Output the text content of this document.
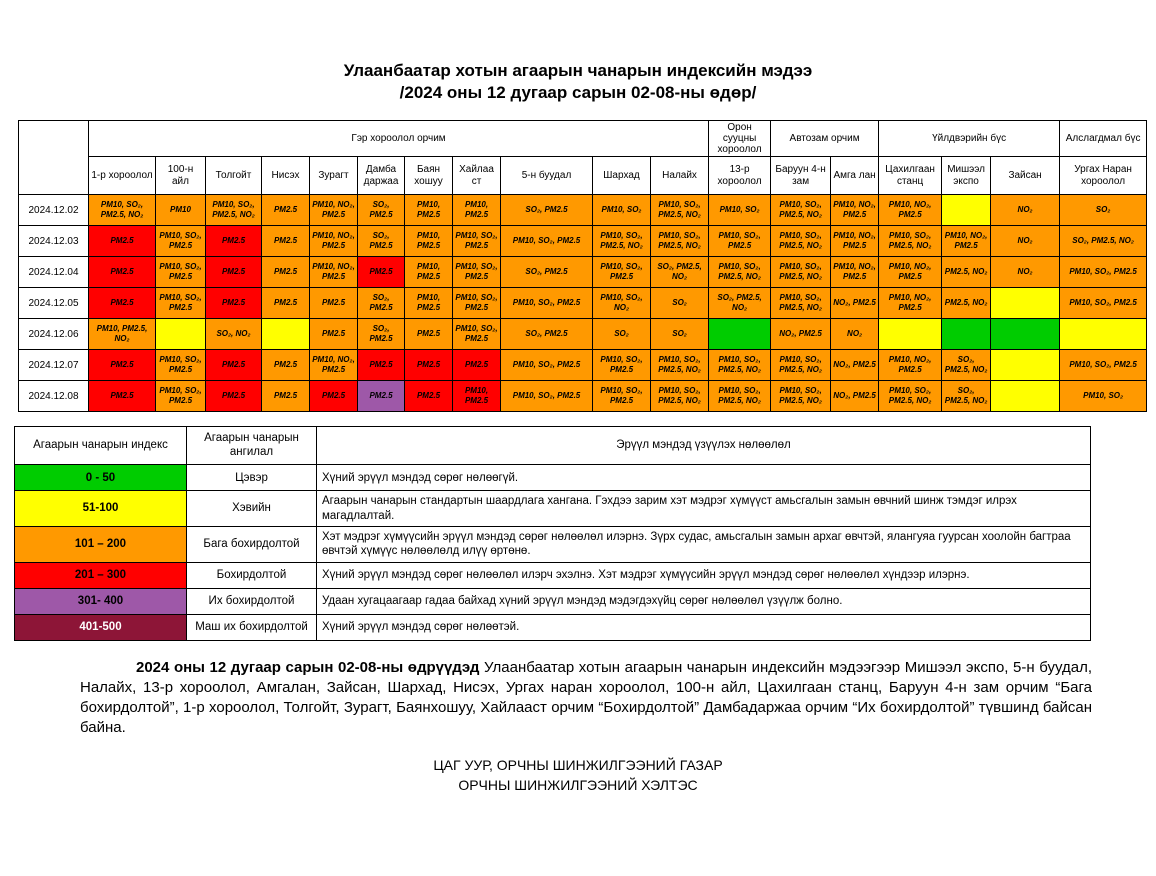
Улаанбаатар хотын агаарын чанарын индексийн мэдээ
/2024 оны 12 дугаар сарын 02-08-ны өдөр/
	Гэр хороолол орчим											Орон сууцны хороолол	Автозам орчим		Үйлдвэрийн бүс			Алслагдмал бүс
	1-р хороолол	100-н айл	Толгойт	Нисэх	Зурагт	Дамба даржаа	Баян хошуу	Хайлаа ст	5-н буудал	Шархад	Налайх	13-р хороолол	Баруун 4-н зам	Амга лан	Цахилгаан станц	Мишээл экспо	Зайсан	Ургах Наран хороолол
2024.12.02	PM10, SO₂, PM2.5, NO₂	PM10	PM10, SO₂, PM2.5, NO₂	PM2.5	PM10, NO₂, PM2.5	SO₂, PM2.5	PM10, PM2.5	PM10, PM2.5	SO₂, PM2.5	PM10, SO₂	PM10, SO₂, PM2.5, NO₂	PM10, SO₂	PM10, SO₂, PM2.5, NO₂	PM10, NO₂, PM2.5	PM10, NO₂, PM2.5		NO₂	SO₂
2024.12.03	PM2.5	PM10, SO₂, PM2.5	PM2.5	PM2.5	PM10, NO₂, PM2.5	SO₂, PM2.5	PM10, PM2.5	PM10, SO₂, PM2.5	PM10, SO₂, PM2.5	PM10, SO₂, PM2.5, NO₂	PM10, SO₂, PM2.5, NO₂	PM10, SO₂, PM2.5	PM10, SO₂, PM2.5, NO₂	PM10, NO₂, PM2.5	PM10, SO₂, PM2.5, NO₂	PM10, NO₂, PM2.5	NO₂	SO₂, PM2.5, NO₂
2024.12.04	PM2.5	PM10, SO₂, PM2.5	PM2.5	PM2.5	PM10, NO₂, PM2.5	PM2.5	PM10, PM2.5	PM10, SO₂, PM2.5	SO₂, PM2.5	PM10, SO₂, PM2.5	SO₂, PM2.5, NO₂	PM10, SO₂, PM2.5, NO₂	PM10, SO₂, PM2.5, NO₂	PM10, NO₂, PM2.5	PM10, NO₂, PM2.5	PM2.5, NO₂	NO₂	PM10, SO₂, PM2.5
2024.12.05	PM2.5	PM10, SO₂, PM2.5	PM2.5	PM2.5	PM2.5	SO₂, PM2.5	PM10, PM2.5	PM10, SO₂, PM2.5	PM10, SO₂, PM2.5	PM10, SO₂, NO₂	SO₂	SO₂, PM2.5, NO₂	PM10, SO₂, PM2.5, NO₂	NO₂, PM2.5	PM10, NO₂, PM2.5	PM2.5, NO₂		PM10, SO₂, PM2.5
2024.12.06	PM10, PM2.5, NO₂		SO₂, NO₂		PM2.5	SO₂, PM2.5	PM2.5	PM10, SO₂, PM2.5	SO₂, PM2.5	SO₂	SO₂		NO₂, PM2.5	NO₂				
2024.12.07	PM2.5	PM10, SO₂, PM2.5	PM2.5	PM2.5	PM10, NO₂, PM2.5	PM2.5	PM2.5	PM2.5	PM10, SO₂, PM2.5	PM10, SO₂, PM2.5	PM10, SO₂, PM2.5, NO₂	PM10, SO₂, PM2.5, NO₂	PM10, SO₂, PM2.5, NO₂	NO₂, PM2.5	PM10, NO₂, PM2.5	SO₂, PM2.5, NO₂		PM10, SO₂, PM2.5
2024.12.08	PM2.5	PM10, SO₂, PM2.5	PM2.5	PM2.5	PM2.5	PM2.5	PM2.5	PM10, PM2.5	PM10, SO₂, PM2.5	PM10, SO₂, PM2.5	PM10, SO₂, PM2.5, NO₂	PM10, SO₂, PM2.5, NO₂	PM10, SO₂, PM2.5, NO₂	NO₂, PM2.5	PM10, SO₂, PM2.5, NO₂	SO₂, PM2.5, NO₂		PM10, SO₂
Агаарын чанарын индекс	Агаарын чанарын ангилал	Эрүүл мэндэд үзүүлэх нөлөөлөл
0 - 50	Цэвэр	Хүний эрүүл мэндэд сөрөг нөлөөгүй.
51-100	Хэвийн	Агаарын чанарын стандартын шаардлага хангана. Гэхдээ зарим хэт мэдрэг хүмүүст амьсгалын замын өвчний шинж тэмдэг илрэх магадлалтай.
101 – 200	Бага бохирдолтой	Хэт мэдрэг хүмүүсийн эрүүл мэндэд сөрөг нөлөөлөл илэрнэ. Зүрх судас, амьсгалын замын архаг өвчтэй, ялангуяа гуурсан хоолойн багтраа өвчтэй хүмүүс нөлөөлөлд илүү өртөнө.
201 – 300	Бохирдолтой	Хүний эрүүл мэндэд сөрөг нөлөөлөл илэрч эхэлнэ. Хэт мэдрэг хүмүүсийн эрүүл мэндэд сөрөг нөлөөлөл хүндээр илэрнэ.
301- 400	Их бохирдолтой	Удаан хугацаагаар гадаа байхад хүний эрүүл мэндэд мэдэгдэхүйц сөрөг нөлөөлөл үзүүлж болно.
401-500	Маш их бохирдолтой	Хүний эрүүл мэндэд сөрөг нөлөөтэй.

2024 оны 12 дугаар сарын 02-08-ны өдрүүдэд Улаанбаатар хотын агаарын чанарын индексийн мэдээгээр Мишээл экспо, 5-н буудал, Налайх, 13-р хороолол, Амгалан, Зайсан, Шархад, Нисэх, Ургах наран хороолол, 100-н айл, Цахилгаан станц, Баруун 4-н зам орчим “Бага бохирдолтой”, 1-р хороолол, Толгойт, Зурагт, Баянхошуу, Хайлааст орчим “Бохирдолтой” Дамбадаржаа орчим “Их бохирдолтой” түвшинд байсан байна.

ЦАГ УУР, ОРЧНЫ ШИНЖИЛГЭЭНИЙ ГАЗАР
ОРЧНЫ ШИНЖИЛГЭЭНИЙ ХЭЛТЭС
